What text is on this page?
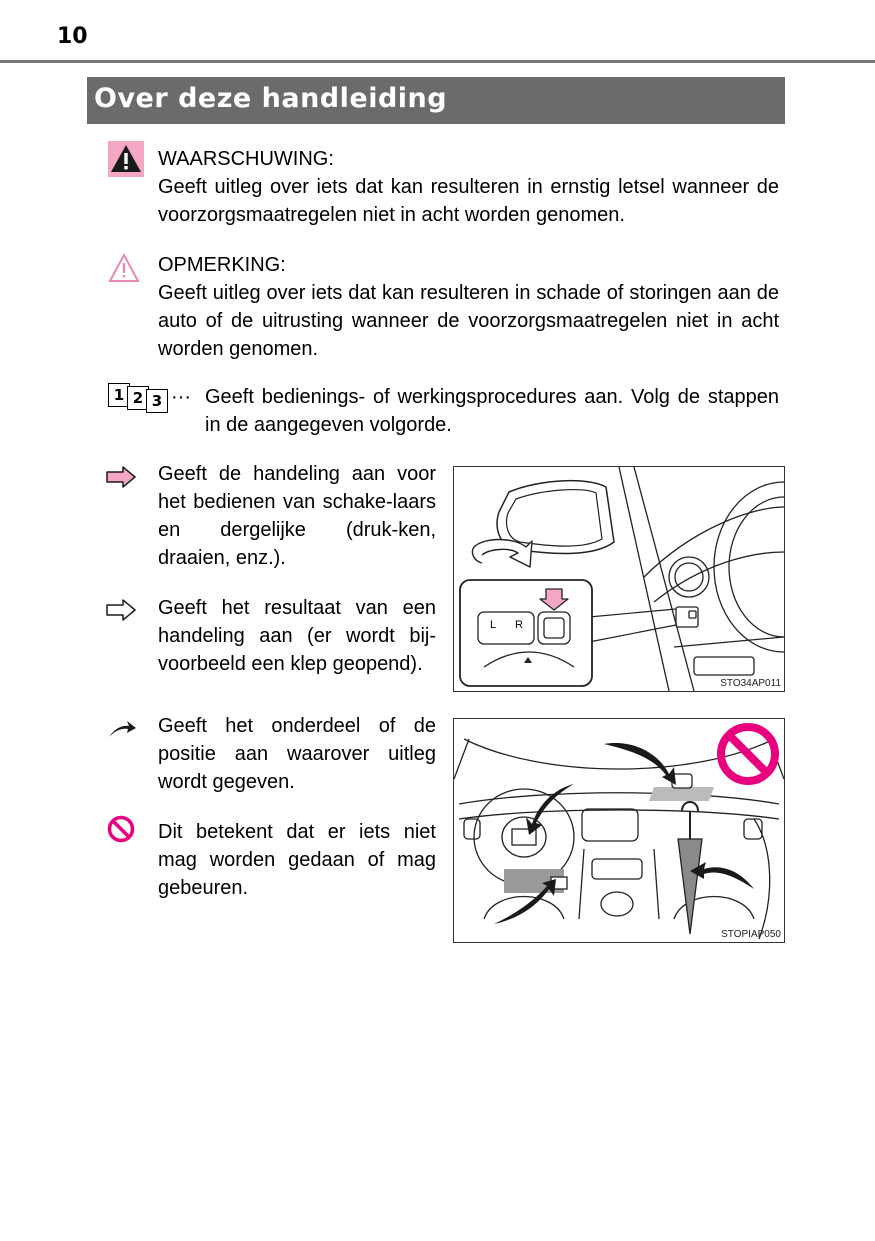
10
Over deze handleiding
WAARSCHUWING:
Geeft uitleg over iets dat kan resulteren in ernstig letsel wanneer de voorzorgsmaatregelen niet in acht worden genomen.
OPMERKING:
Geeft uitleg over iets dat kan resulteren in schade of storingen aan de auto of de uitrusting wanneer de voorzorgsmaatregelen niet in acht worden genomen.
1 2 3 ··· Geeft bedienings- of werkingsprocedures aan. Volg de stappen in de aangegeven volgorde.
Geeft de handeling aan voor het bedienen van schake-laars en dergelijke (druk-ken, draaien, enz.).
Geeft het resultaat van een handeling aan (er wordt bij-voorbeeld een klep geopend).
Geeft het onderdeel of de positie aan waarover uitleg wordt gegeven.
Dit betekent dat er iets niet mag worden gedaan of mag gebeuren.
L R
STO34AP011
STOPIAP050
